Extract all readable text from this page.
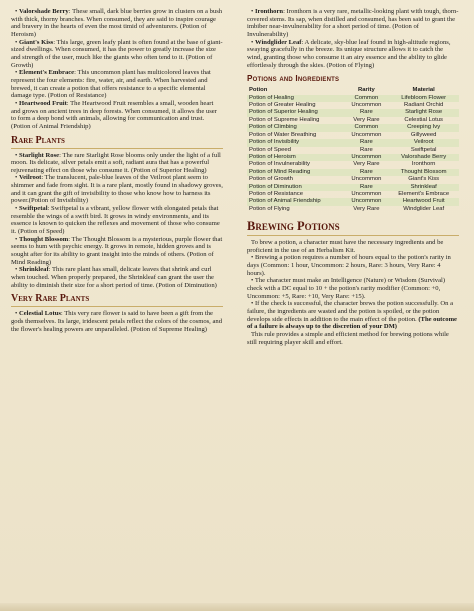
• Valorshade Berry: These small, dark blue berries grow in clusters on a bush with thick, thorny branches. When consumed, they are said to inspire courage and bravery in the hearts of even the most timid of adventurers. (Potion of Heroism)

• Giant's Kiss: This large, green leafy plant is often found at the base of giant-sized dwellings. When consumed, it has the power to greatly increase the size and strength of the user, much like the giants who often tend to it. (Potion of Growth)

• Element's Embrace: This uncommon plant has multicolored leaves that represent the four elements: fire, water, air, and earth. When harvested and brewed, it can create a potion that offers resistance to a specific elemental damage type. (Potion of Resistance)

• Heartwood Fruit: The Heartwood Fruit resembles a small, wooden heart and grows on ancient trees in deep forests. When consumed, it allows the user to form a deep bond with animals, allowing for communication and trust.(Potion of Animal Friendship)

Rare Plants

• Starlight Rose: The rare Starlight Rose blooms only under the light of a full moon. Its delicate, silver petals emit a soft, radiant aura that has a powerful rejuvenating effect on those who consume it. (Potion of Superior Healing)

• Veilroot: The translucent, pale-blue leaves of the Veilroot plant seem to shimmer and fade from sight. It is a rare plant, mostly found in shadowy groves, and it can grant the gift of invisibility to those who know how to harness its power.(Potion of Invisibility)

• Swiftpetal: Swiftpetal is a vibrant, yellow flower with elongated petals that resemble the wings of a swift bird. It grows in windy environments, and its essence is known to quicken the reflexes and movement of those who consume it. (Potion of Speed)

• Thought Blossom: The Thought Blossom is a mysterious, purple flower that seems to hum with psychic energy. It grows in remote, hidden groves and is sought after for its ability to grant insight into the minds of others. (Potion of Mind Reading)

• Shrinkleaf: This rare plant has small, delicate leaves that shrink and curl when touched. When properly prepared, the Shrinkleaf can grant the user the ability to diminish their size for a short period of time. (Potion of Diminution)

Very Rare Plants

• Celestial Lotus: This very rare flower is said to have been a gift from the gods themselves. Its large, iridescent petals reflect the colors of the cosmos, and the flower's healing powers are unparalleled. (Potion of Supreme Healing)

• Ironthorn: Ironthorn is a very rare, metallic-looking plant with tough, thorn-covered stems. Its sap, when distilled and consumed, has been said to grant the imbiber near-invulnerability for a short period of time. (Potion of Invulnerability)

• Windglider Leaf: A delicate, sky-blue leaf found in high-altitude regions, swaying gracefully in the breeze. Its unique structure allows it to catch the wind, granting those who consume it an airy essence and the ability to glide effortlessly through the skies. (Potion of Flying)

Potions and Ingredients
Potion	Rarity	Material
Potion of Healing	Common	Lifebloom Flower
Potion of Greater Healing	Uncommon	Radiant Orchid
Potion of Superior Healing	Rare	Starlight Rose
Potion of Supreme Healing	Very Rare	Celestial Lotus
Potion of Climbing	Common	Creeping Ivy
Potion of Water Breathing	Uncommon	Gillyweed
Potion of Invisibility	Rare	Veilroot
Potion of Speed	Rare	Swiftpetal
Potion of Heroism	Uncommon	Valorshade Berry
Potion of Invulnerability	Very Rare	Ironthorn
Potion of Mind Reading	Rare	Thought Blossom
Potion of Growth	Uncommon	Giant's Kiss
Potion of Diminution	Rare	Shrinkleaf
Potion of Resistance	Uncommon	Element's Embrace
Potion of Animal Friendship	Uncommon	Heartwood Fruit
Potion of Flying	Very Rare	Windglider Leaf
Brewing Potions

To brew a potion, a character must have the necessary ingredients and be proficient in the use of an Herbalism Kit.

• Brewing a potion requires a number of hours equal to the potion's rarity in days (Common: 1 hour, Uncommon: 2 hours, Rare: 3 hours, Very Rare: 4 hours).

• The character must make an Intelligence (Nature) or Wisdom (Survival) check with a DC equal to 10 + the potion's rarity modifier (Common: +0, Uncommon: +5, Rare: +10, Very Rare: +15).

• If the check is successful, the character brews the potion successfully. On a failure, the ingredients are wasted and the potion is spoiled, or the potion develops side effects in addition to the main effect of the potion. (The outcome of a failure is always up to the discretion of your DM)

This rule provides a simple and efficient method for brewing potions while still requiring player skill and effort.
